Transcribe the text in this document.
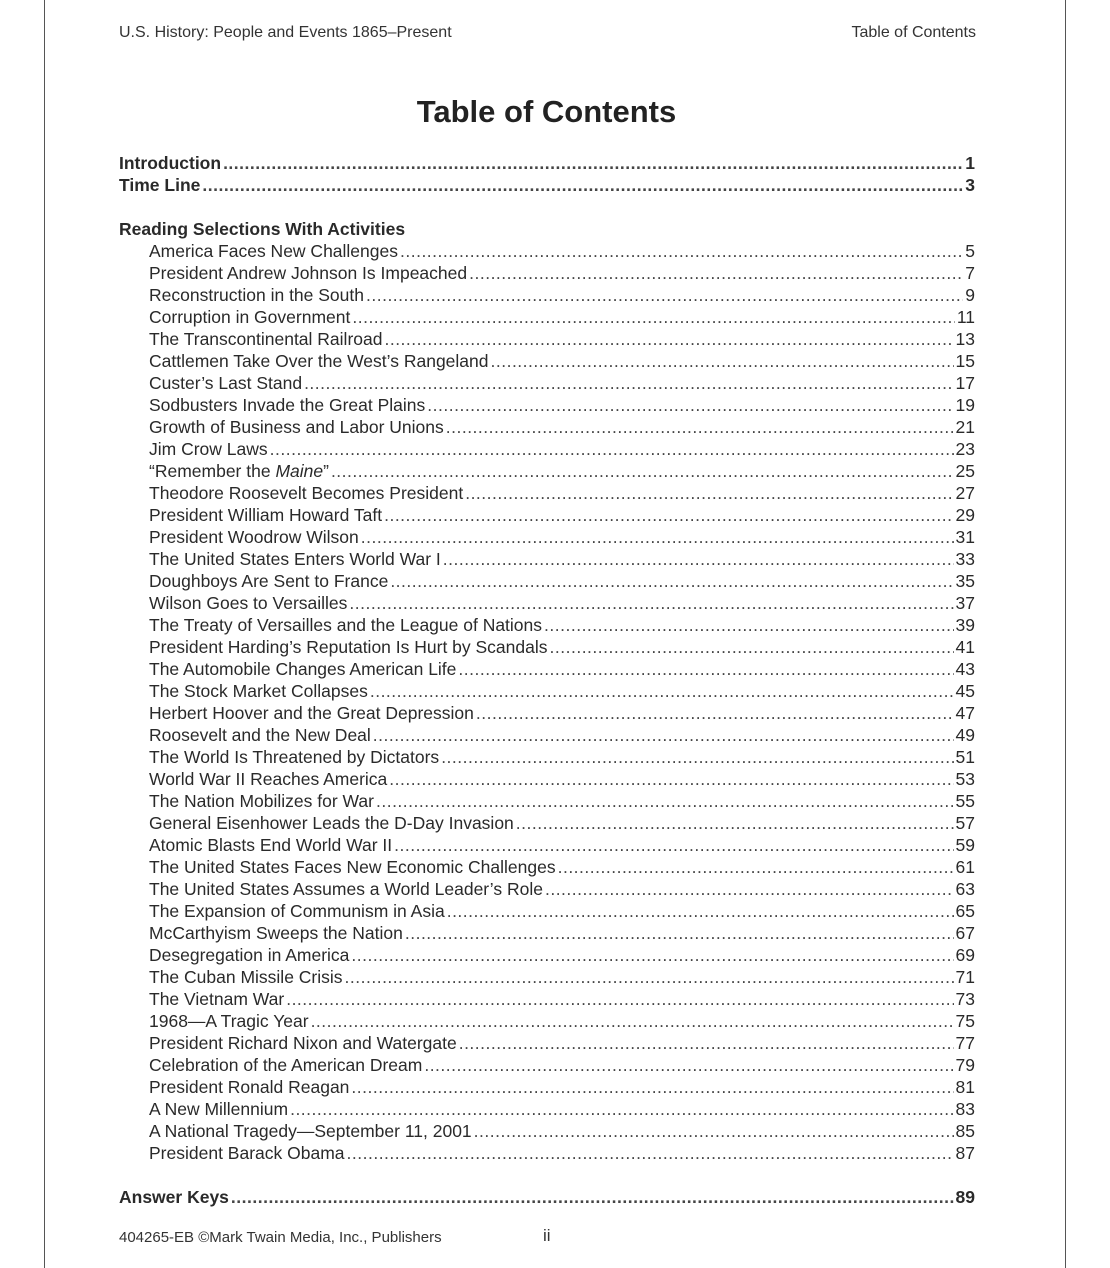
U.S. History: People and Events 1865–Present	Table of Contents
Table of Contents
Introduction .....	1
Time Line .....	3
Reading Selections With Activities
America Faces New Challenges .....	5
President Andrew Johnson Is Impeached .....	7
Reconstruction in the South .....	9
Corruption in Government .....	11
The Transcontinental Railroad .....	13
Cattlemen Take Over the West’s Rangeland .....	15
Custer’s Last Stand .....	17
Sodbusters Invade the Great Plains .....	19
Growth of Business and Labor Unions .....	21
Jim Crow Laws .....	23
“Remember the Maine” .....	25
Theodore Roosevelt Becomes President .....	27
President William Howard Taft .....	29
President Woodrow Wilson .....	31
The United States Enters World War I .....	33
Doughboys Are Sent to France .....	35
Wilson Goes to Versailles .....	37
The Treaty of Versailles and the League of Nations .....	39
President Harding’s Reputation Is Hurt by Scandals .....	41
The Automobile Changes American Life .....	43
The Stock Market Collapses .....	45
Herbert Hoover and the Great Depression .....	47
Roosevelt and the New Deal .....	49
The World Is Threatened by Dictators .....	51
World War II Reaches America .....	53
The Nation Mobilizes for War .....	55
General Eisenhower Leads the D-Day Invasion .....	57
Atomic Blasts End World War II .....	59
The United States Faces New Economic Challenges .....	61
The United States Assumes a World Leader’s Role .....	63
The Expansion of Communism in Asia .....	65
McCarthyism Sweeps the Nation .....	67
Desegregation in America .....	69
The Cuban Missile Crisis .....	71
The Vietnam War .....	73
1968—A Tragic Year .....	75
President Richard Nixon and Watergate .....	77
Celebration of the American Dream .....	79
President Ronald Reagan .....	81
A New Millennium .....	83
A National Tragedy—September 11, 2001 .....	85
President Barack Obama .....	87
Answer Keys .....	89
404265-EB ©Mark Twain Media, Inc., Publishers	ii
